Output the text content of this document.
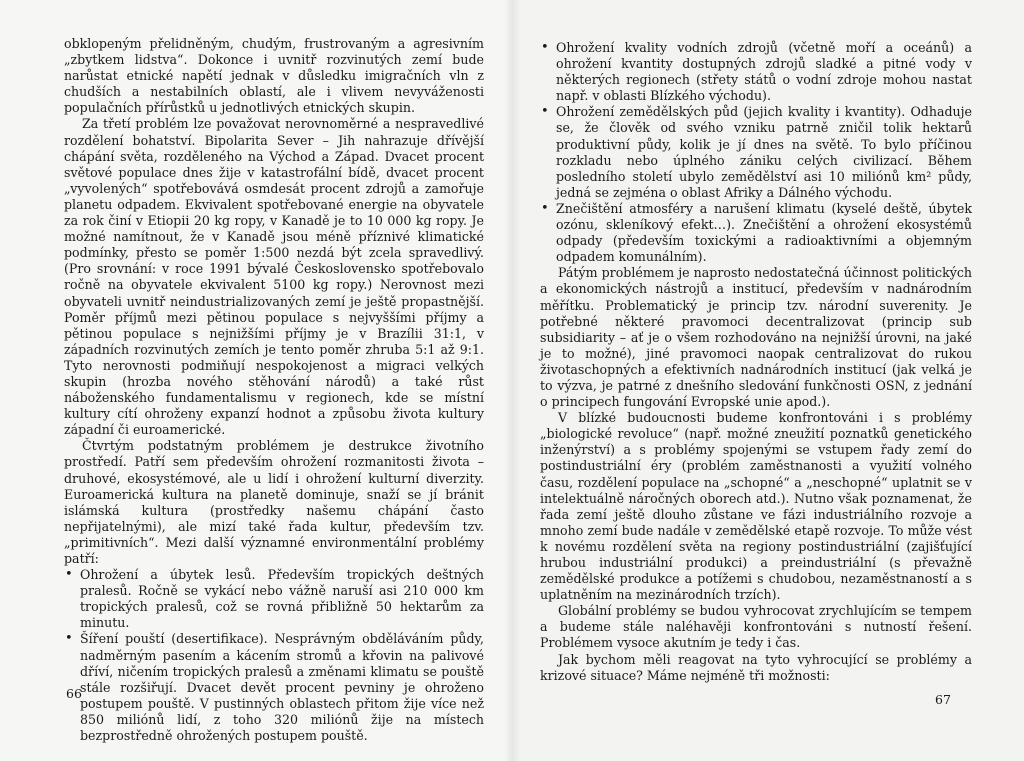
obklopeným přelidněným, chudým, frustrovaným a agresivním „zbytkem lidstva“. Dokonce i uvnitř rozvinutých zemí bude narůstat etnické napětí jednak v důsledku imigračních vln z chudších a nestabilních oblastí, ale i vlivem nevyváženosti populačních přírůstků u jednotlivých etnických skupin.

Za třetí problém lze považovat nerovnoměrné a nespravedlivé rozdělení bohatství. Bipolarita Sever – Jih nahrazuje dřívější chápání světa, rozděleného na Východ a Západ. Dvacet procent světové populace dnes žije v katastrofální bídě, dvacet procent „vyvolených“ spotřebovává osmdesát procent zdrojů a zamořuje planetu odpadem. Ekvivalent spotřebované energie na obyvatele za rok činí v Etiopii 20 kg ropy, v Kanadě je to 10 000 kg ropy. Je možné namítnout, že v Kanadě jsou méně příznivé klimatické podmínky, přesto se poměr 1:500 nezdá být zcela spravedlivý. (Pro srovnání: v roce 1991 bývalé Československo spotřebovalo ročně na obyvatele ekvivalent 5100 kg ropy.) Nerovnost mezi obyvateli uvnitř neindustrializovaných zemí je ještě propastnější. Poměr příjmů mezi pětinou populace s nejvyššími příjmy a pětinou populace s nejnižšími příjmy je v Brazílii 31:1, v západních rozvinutých zemích je tento poměr zhruba 5:1 až 9:1. Tyto nerovnosti podmiňují nespokojenost a migraci velkých skupin (hrozba nového stěhování národů) a také růst náboženského fundamentalismu v regionech, kde se místní kultury cítí ohroženy expanzí hodnot a způsobu života kultury západní či euroamerické.

Čtvrtým podstatným problémem je destrukce životního prostředí. Patří sem především ohrožení rozmanitosti života – druhové, ekosystémové, ale u lidí i ohrožení kulturní diverzity. Euroamerická kultura na planetě dominuje, snaží se jí bránit islámská kultura (prostředky našemu chápání často nepřijatelnými), ale mizí také řada kultur, především tzv. „primitivních“. Mezi další významné environmentální problémy patří:

• Ohrožení a úbytek lesů. Především tropických deštných pralesů. Ročně se vykácí nebo vážně naruší asi 210 000 km tropických pralesů, což se rovná přibližně 50 hektarům za minutu.
• Šíření pouští (desertifikace). Nesprávným obděláváním půdy, nadměrným pasením a kácením stromů a křovin na palivové dříví, ničením tropických pralesů a změnami klimatu se pouště stále rozšiřují. Dvacet devět procent pevniny je ohroženo postupem pouště. V pustinných oblastech přitom žije více než 850 miliónů lidí, z toho 320 miliónů žije na místech bezprostředně ohrožených postupem pouště.
66
• Ohrožení kvality vodních zdrojů (včetně moří a oceánů) a ohrožení kvantity dostupných zdrojů sladké a pitné vody v některých regionech (střety států o vodní zdroje mohou nastat např. v oblasti Blízkého východu).
• Ohrožení zemědělských půd (jejich kvality i kvantity). Odhaduje se, že člověk od svého vzniku patrně zničil tolik hektarů produktivní půdy, kolik je jí dnes na světě. To bylo příčinou rozkladu nebo úplného zániku celých civilizací. Během posledního století ubylo zemědělství asi 10 miliónů km² půdy, jedná se zejména o oblast Afriky a Dálného východu.
• Znečištění atmosféry a narušení klimatu (kyselé deště, úbytek ozónu, skleníkový efekt…). Znečištění a ohrožení ekosystémů odpady (především toxickými a radioaktivními a objemným odpadem komunálním).

Pátým problémem je naprosto nedostatečná účinnost politických a ekonomických nástrojů a institucí, především v nadnárodním měřítku. Problematický je princip tzv. národní suverenity. Je potřebné některé pravomoci decentralizovat (princip sub subsidiarity – ať je o všem rozhodováno na nejnižší úrovni, na jaké je to možné), jiné pravomoci naopak centralizovat do rukou životaschopných a efektivních nadnárodních institucí (jak velká je to výzva, je patrné z dnešního sledování funkčnosti OSN, z jednání o principech fungování Evropské unie apod.).

V blízké budoucnosti budeme konfrontováni i s problémy „biologické revoluce“ (např. možné zneužití poznatků genetického inženýrství) a s problémy spojenými se vstupem řady zemí do postindustriální éry (problém zaměstnanosti a využití volného času, rozdělení populace na „schopné“ a „neschopné“ uplatnit se v intelektuálně náročných oborech atd.). Nutno však poznamenat, že řada zemí ještě dlouho zůstane ve fázi industriálního rozvoje a mnoho zemí bude nadále v zemědělské etapě rozvoje. To může vést k novému rozdělení světa na regiony postindustriální (zajišťující hrubou industriální produkci) a preindustriální (s převažně zemědělské produkce a potížemi s chudobou, nezaměstnaností a s uplatněním na mezinárodních trzích).

Globální problémy se budou vyhrocovat zrychlujícím se tempem a budeme stále naléhavěji konfrontováni s nutností řešení. Problémem vysoce akutním je tedy i čas.

Jak bychom měli reagovat na tyto vyhrocující se problémy a krizové situace? Máme nejméně tři možnosti:

67
